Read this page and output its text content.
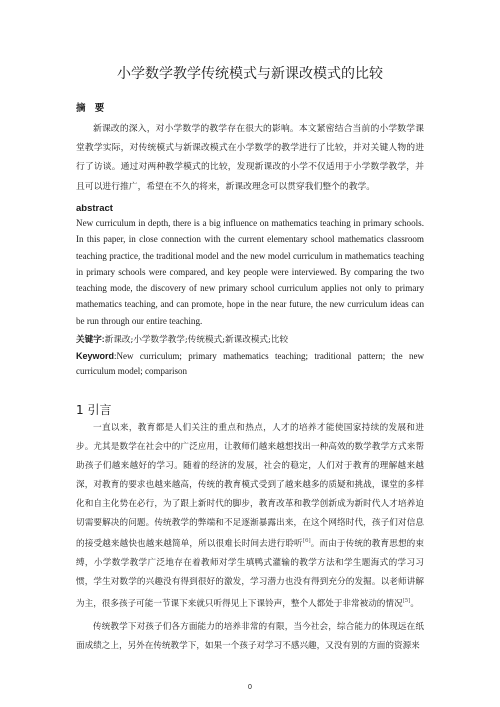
小学数学教学传统模式与新课改模式的比较
摘 要

新课改的深入，对小学数学的教学存在很大的影响。本文紧密结合当前的小学数学课堂教学实际，对传统模式与新课改模式在小学数学的教学进行了比较，并对关键人物的进行了访谈。通过对两种教学模式的比较，发现新课改的小学不仅适用于小学数学教学，并且可以进行推广，希望在不久的将来，新课改理念可以贯穿我们整个的教学。

abstract

New curriculum in depth, there is a big influence on mathematics teaching in primary schools. In this paper, in close connection with the current elementary school mathematics classroom teaching practice, the traditional model and the new model curriculum in mathematics teaching in primary schools were compared, and key people were interviewed. By comparing the two teaching mode, the discovery of new primary school curriculum applies not only to primary mathematics teaching, and can promote, hope in the near future, the new curriculum ideas can be run through our entire teaching.

关键字:新课改;小学数学教学;传统模式;新课改模式;比较

Keyword:New curriculum; primary mathematics teaching; traditional pattern; the new curriculum model; comparison

1 引言

一直以来，教育都是人们关注的重点和热点，人才的培养才能使国家持续的发展和进步。尤其是数学在社会中的广泛应用，让教师们越来越想找出一种高效的数学教学方式来帮助孩子们越来越好的学习。随着的经济的发展，社会的稳定，人们对于教育的理解越来越深，对教育的要求也越来越高，传统的教育模式受到了越来越多的质疑和挑战，课堂的多样化和自主化势在必行，为了跟上新时代的脚步，教育改革和教学创新成为新时代人才培养迫切需要解决的问题。传统教学的弊端和不足逐渐暴露出来，在这个网络时代，孩子们对信息的接受越来越快也越来越简单，所以很难长时间去进行聆听[6]。而由于传统的教育思想的束缚，小学数学教学广泛地存在着教师对学生填鸭式灌输的教学方法和学生题海式的学习习惯，学生对数学的兴趣没有得到很好的激发，学习潜力也没有得到充分的发掘。以老师讲解为主，很多孩子可能一节课下来就只听得见上下课铃声，整个人都处于非常被动的情况[5]。

传统教学下对孩子们各方面能力的培养非常的有限，当今社会，综合能力的体现远在纸面成绩之上，另外在传统教学下，如果一个孩子对学习不感兴趣，又没有别的方面的资源来

0
